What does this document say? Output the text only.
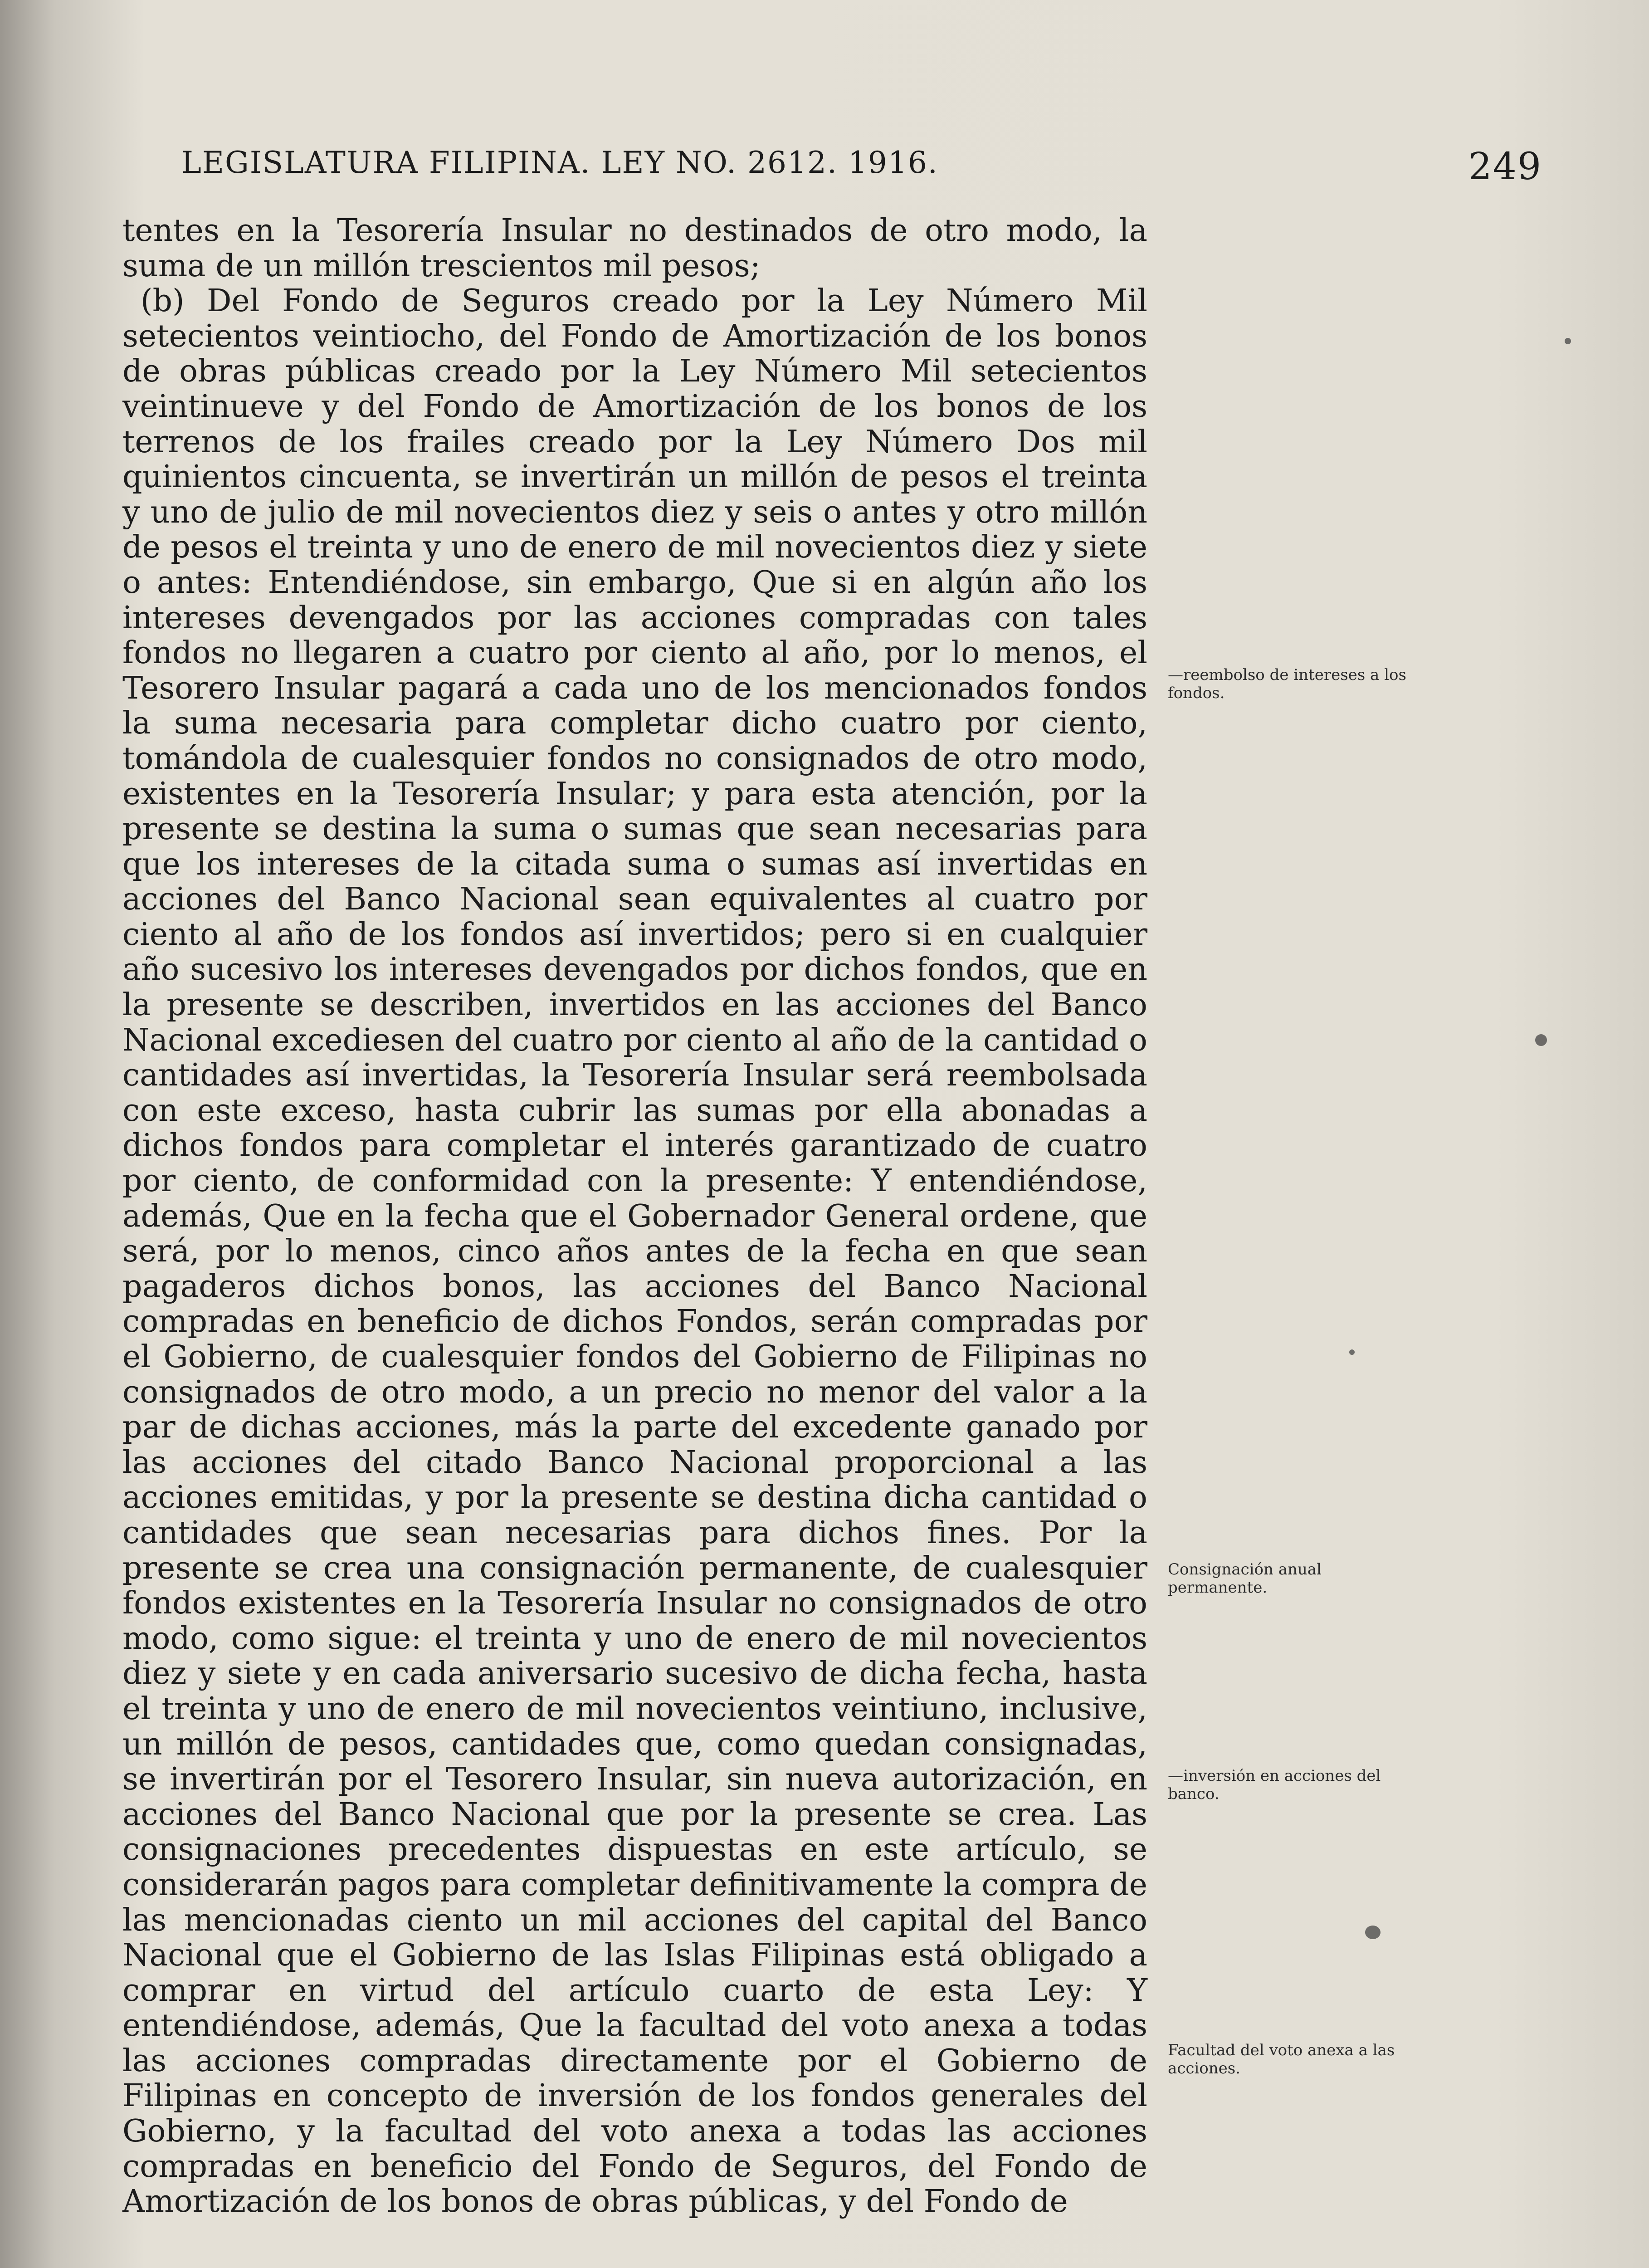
LEGISLATURA FILIPINA. LEY NO. 2612. 1916.	249

tentes en la Tesorería Insular no destinados de otro modo, la suma de un millón trescientos mil pesos;

(b) Del Fondo de Seguros creado por la Ley Número Mil setecientos veintiocho, del Fondo de Amortización de los bonos de obras públicas creado por la Ley Número Mil setecientos veintinueve y del Fondo de Amortización de los bonos de los terrenos de los frailes creado por la Ley Número Dos mil quinientos cincuenta, se invertirán un millón de pesos el treinta y uno de julio de mil novecientos diez y seis o antes y otro millón de pesos el treinta y uno de enero de mil novecientos diez y siete o antes: Entendiéndose, sin embargo, Que si en algún año los intereses devengados por las acciones compradas con tales fondos no llegaren a cuatro por ciento al año, por lo menos, el Tesorero Insular pagará a cada uno de los mencionados fondos la suma necesaria para completar dicho cuatro por ciento, tomándola de cualesquier fondos no consignados de otro modo, existentes en la Tesorería Insular; y para esta atención, por la presente se destina la suma o sumas que sean necesarias para que los intereses de la citada suma o sumas así invertidas en acciones del Banco Nacional sean equivalentes al cuatro por ciento al año de los fondos así invertidos; pero si en cualquier año sucesivo los intereses devengados por dichos fondos, que en la presente se describen, invertidos en las acciones del Banco Nacional excediesen del cuatro por ciento al año de la cantidad o cantidades así invertidas, la Tesorería Insular será reembolsada con este exceso, hasta cubrir las sumas por ella abonadas a dichos fondos para completar el interés garantizado de cuatro por ciento, de conformidad con la presente: Y entendiéndose, además, Que en la fecha que el Gobernador General ordene, que será, por lo menos, cinco años antes de la fecha en que sean pagaderos dichos bonos, las acciones del Banco Nacional compradas en beneficio de dichos Fondos, serán compradas por el Gobierno, de cualesquier fondos del Gobierno de Filipinas no consignados de otro modo, a un precio no menor del valor a la par de dichas acciones, más la parte del excedente ganado por las acciones del citado Banco Nacional proporcional a las acciones emitidas, y por la presente se destina dicha cantidad o cantidades que sean necesarias para dichos fines. Por la presente se crea una consignación permanente, de cualesquier fondos existentes en la Tesorería Insular no consignados de otro modo, como sigue: el treinta y uno de enero de mil novecientos diez y siete y en cada aniversario sucesivo de dicha fecha, hasta el treinta y uno de enero de mil novecientos veintiuno, inclusive, un millón de pesos, cantidades que, como quedan consignadas, se invertirán por el Tesorero Insular, sin nueva autorización, en acciones del Banco Nacional que por la presente se crea. Las consignaciones precedentes dispuestas en este artículo, se considerarán pagos para completar definitivamente la compra de las mencionadas ciento un mil acciones del capital del Banco Nacional que el Gobierno de las Islas Filipinas está obligado a comprar en virtud del artículo cuarto de esta Ley: Y entendiéndose, además, Que la facultad del voto anexa a todas las acciones compradas directamente por el Gobierno de Filipinas en concepto de inversión de los fondos generales del Gobierno, y la facultad del voto anexa a todas las acciones compradas en beneficio del Fondo de Seguros, del Fondo de Amortización de los bonos de obras públicas, y del Fondo de

—reembolso de intereses a los fondos.
Consignación anual permanente.
—inversión en acciones del banco.
Facultad del voto anexa a las acciones.
